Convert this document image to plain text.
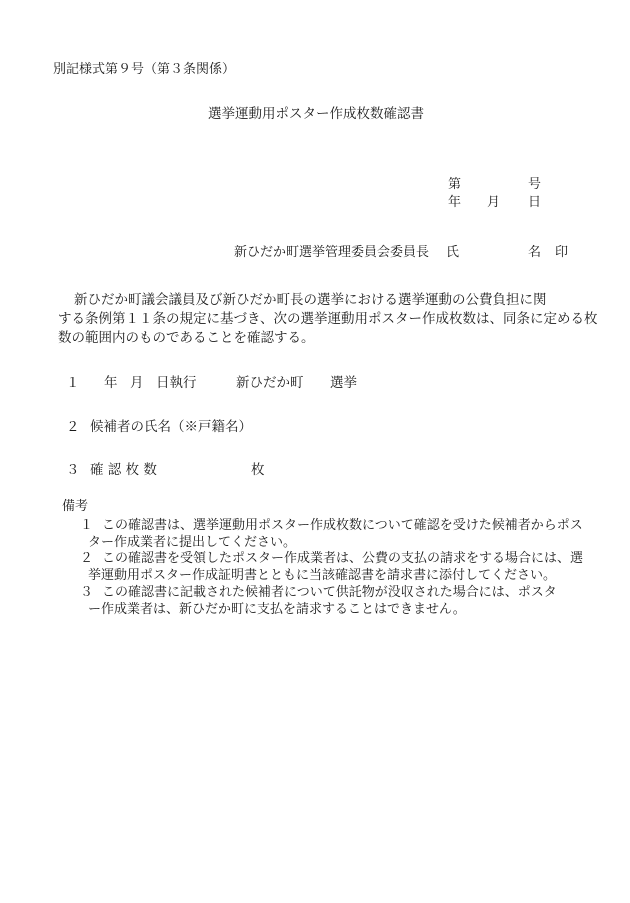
別記様式第９号（第３条関係）
選挙運動用ポスター作成枚数確認書
第	号
年 月 日
新ひだか町選挙管理委員会委員長 氏	名 印
新ひだか町議会議員及び新ひだか町長の選挙における選挙運動の公費負担に関
する条例第１１条の規定に基づき、次の選挙運動用ポスター作成枚数は、同条に定める枚
数の範囲内のものであることを確認する。
１ 年 月 日執行	新ひだか町 選挙
２ 候補者の氏名（※戸籍名）
３ 確 認 枚 数	枚
備考
１ この確認書は、選挙運動用ポスター作成枚数について確認を受けた候補者からポス
ター作成業者に提出してください。
２ この確認書を受領したポスター作成業者は、公費の支払の請求をする場合には、選
挙運動用ポスター作成証明書とともに当該確認書を請求書に添付してください。
３ この確認書に記載された候補者について供託物が没収された場合には、ポスタ
ー作成業者は、新ひだか町に支払を請求することはできません。
